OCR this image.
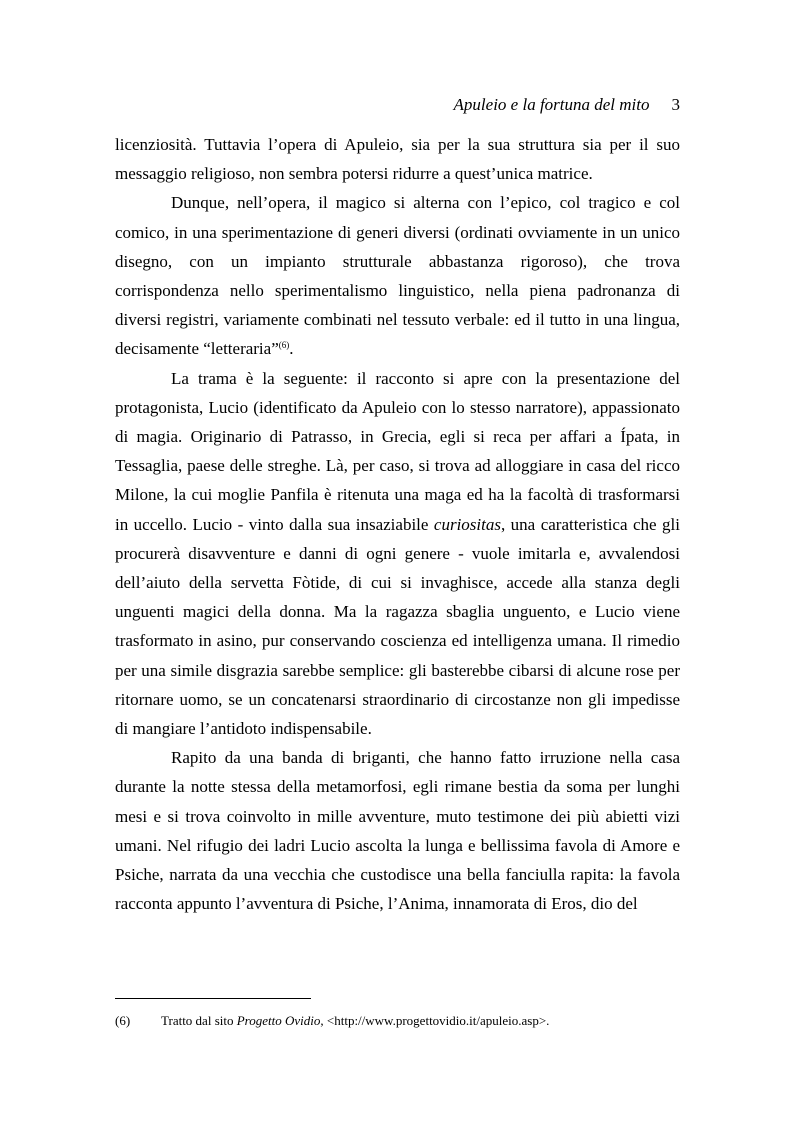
Apuleio e la fortuna del mito 3

licenziosità. Tuttavia l’opera di Apuleio, sia per la sua struttura sia per il suo messaggio religioso, non sembra potersi ridurre a quest’unica matrice.

Dunque, nell’opera, il magico si alterna con l’epico, col tragico e col comico, in una sperimentazione di generi diversi (ordinati ovviamente in un unico disegno, con un impianto strutturale abbastanza rigoroso), che trova corrispondenza nello sperimentalismo linguistico, nella piena padronanza di diversi registri, variamente combinati nel tessuto verbale: ed il tutto in una lingua, decisamente “letteraria”$^{(6)}$.

La trama è la seguente: il racconto si apre con la presentazione del protagonista, Lucio (identificato da Apuleio con lo stesso narratore), appassionato di magia. Originario di Patrasso, in Grecia, egli si reca per affari a Ípata, in Tessaglia, paese delle streghe. Là, per caso, si trova ad alloggiare in casa del ricco Milone, la cui moglie Panfila è ritenuta una maga ed ha la facoltà di trasformarsi in uccello. Lucio - vinto dalla sua insaziabile curiositas, una caratteristica che gli procurerà disavventure e danni di ogni genere - vuole imitarla e, avvalendosi dell’aiuto della servetta Fòtide, di cui si invaghisce, accede alla stanza degli unguenti magici della donna. Ma la ragazza sbaglia unguento, e Lucio viene trasformato in asino, pur conservando coscienza ed intelligenza umana. Il rimedio per una simile disgrazia sarebbe semplice: gli basterebbe cibarsi di alcune rose per ritornare uomo, se un concatenarsi straordinario di circostanze non gli impedisse di mangiare l’antidoto indispensabile.

Rapito da una banda di briganti, che hanno fatto irruzione nella casa durante la notte stessa della metamorfosi, egli rimane bestia da soma per lunghi mesi e si trova coinvolto in mille avventure, muto testimone dei più abietti vizi umani. Nel rifugio dei ladri Lucio ascolta la lunga e bellissima favola di Amore e Psiche, narrata da una vecchia che custodisce una bella fanciulla rapita: la favola racconta appunto l’avventura di Psiche, l’Anima, innamorata di Eros, dio del

(6) Tratto dal sito Progetto Ovidio, <http://www.progettovidio.it/apuleio.asp>.
